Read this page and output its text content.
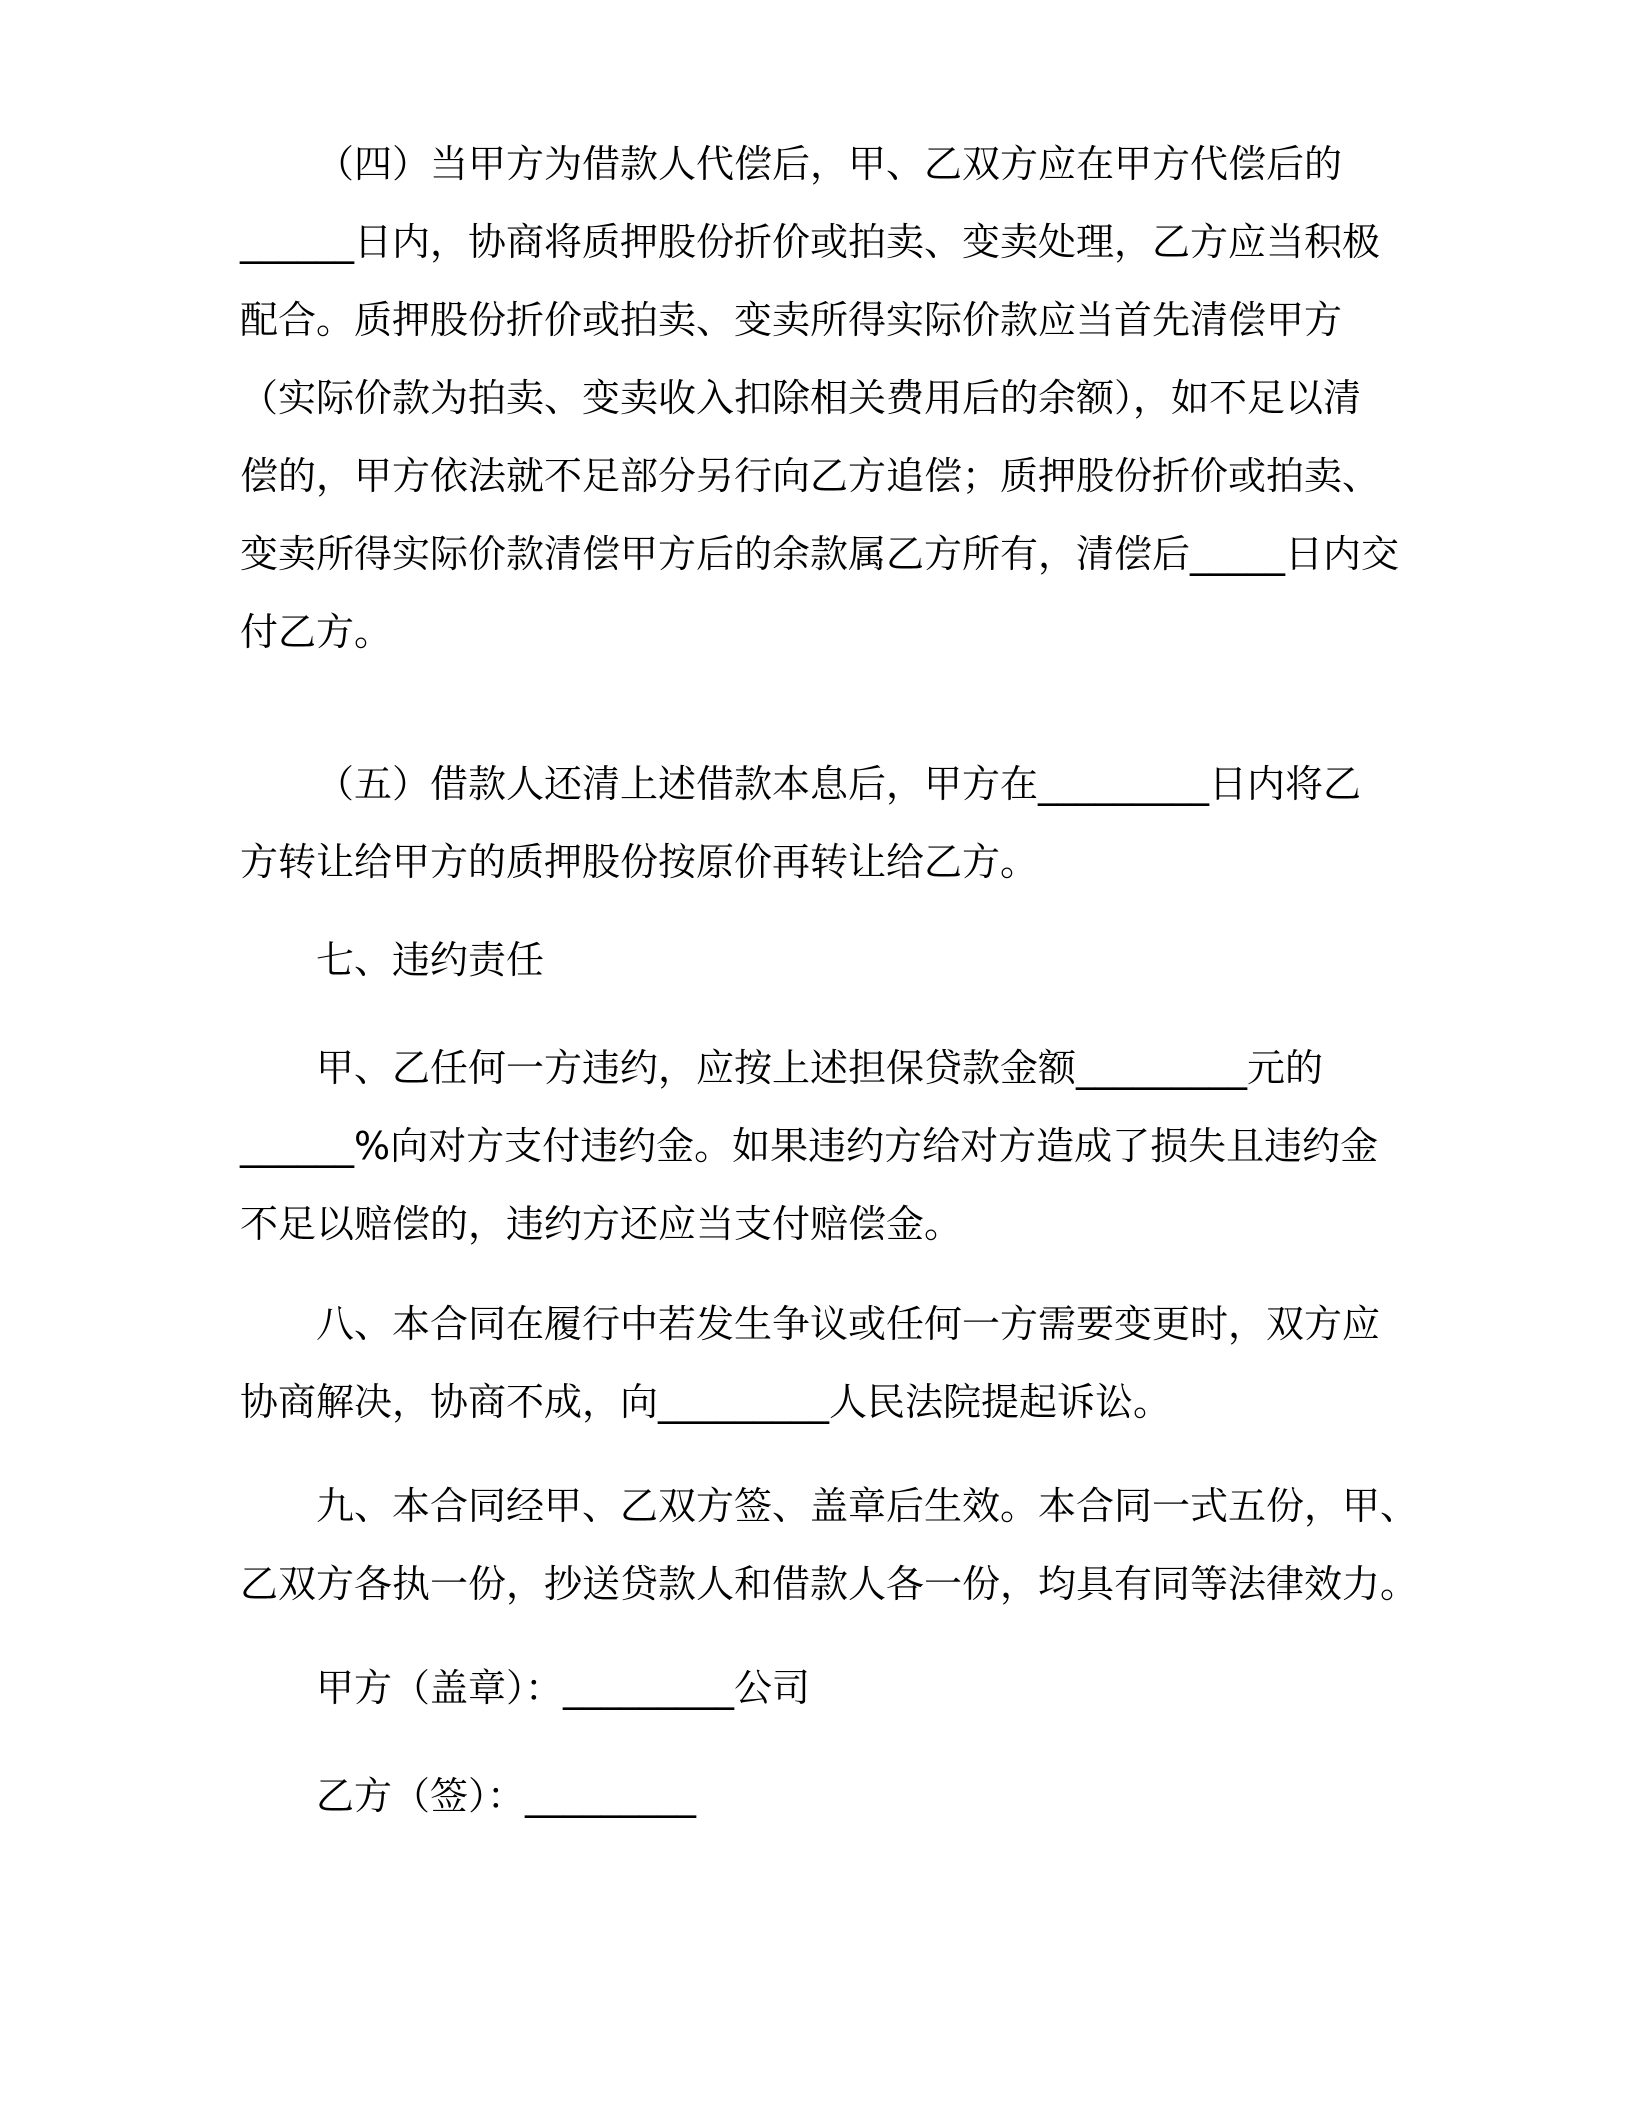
（四）当甲方为借款人代偿后，甲、乙双方应在甲方代偿后的
______日内，协商将质押股份折价或拍卖、变卖处理，乙方应当积极
配合。质押股份折价或拍卖、变卖所得实际价款应当首先清偿甲方
（实际价款为拍卖、变卖收入扣除相关费用后的余额），如不足以清
偿的，甲方依法就不足部分另行向乙方追偿；质押股份折价或拍卖、
变卖所得实际价款清偿甲方后的余款属乙方所有，清偿后_____日内交
付乙方。
（五）借款人还清上述借款本息后，甲方在_________日内将乙
方转让给甲方的质押股份按原价再转让给乙方。
七、违约责任
甲、乙任何一方违约，应按上述担保贷款金额_________元的
______%向对方支付违约金。如果违约方给对方造成了损失且违约金
不足以赔偿的，违约方还应当支付赔偿金。
八、本合同在履行中若发生争议或任何一方需要变更时，双方应
协商解决，协商不成，向_________人民法院提起诉讼。
九、本合同经甲、乙双方签、盖章后生效。本合同一式五份，甲、
乙双方各执一份，抄送贷款人和借款人各一份，均具有同等法律效力。
甲方（盖章）：_________公司
乙方（签）：_________
